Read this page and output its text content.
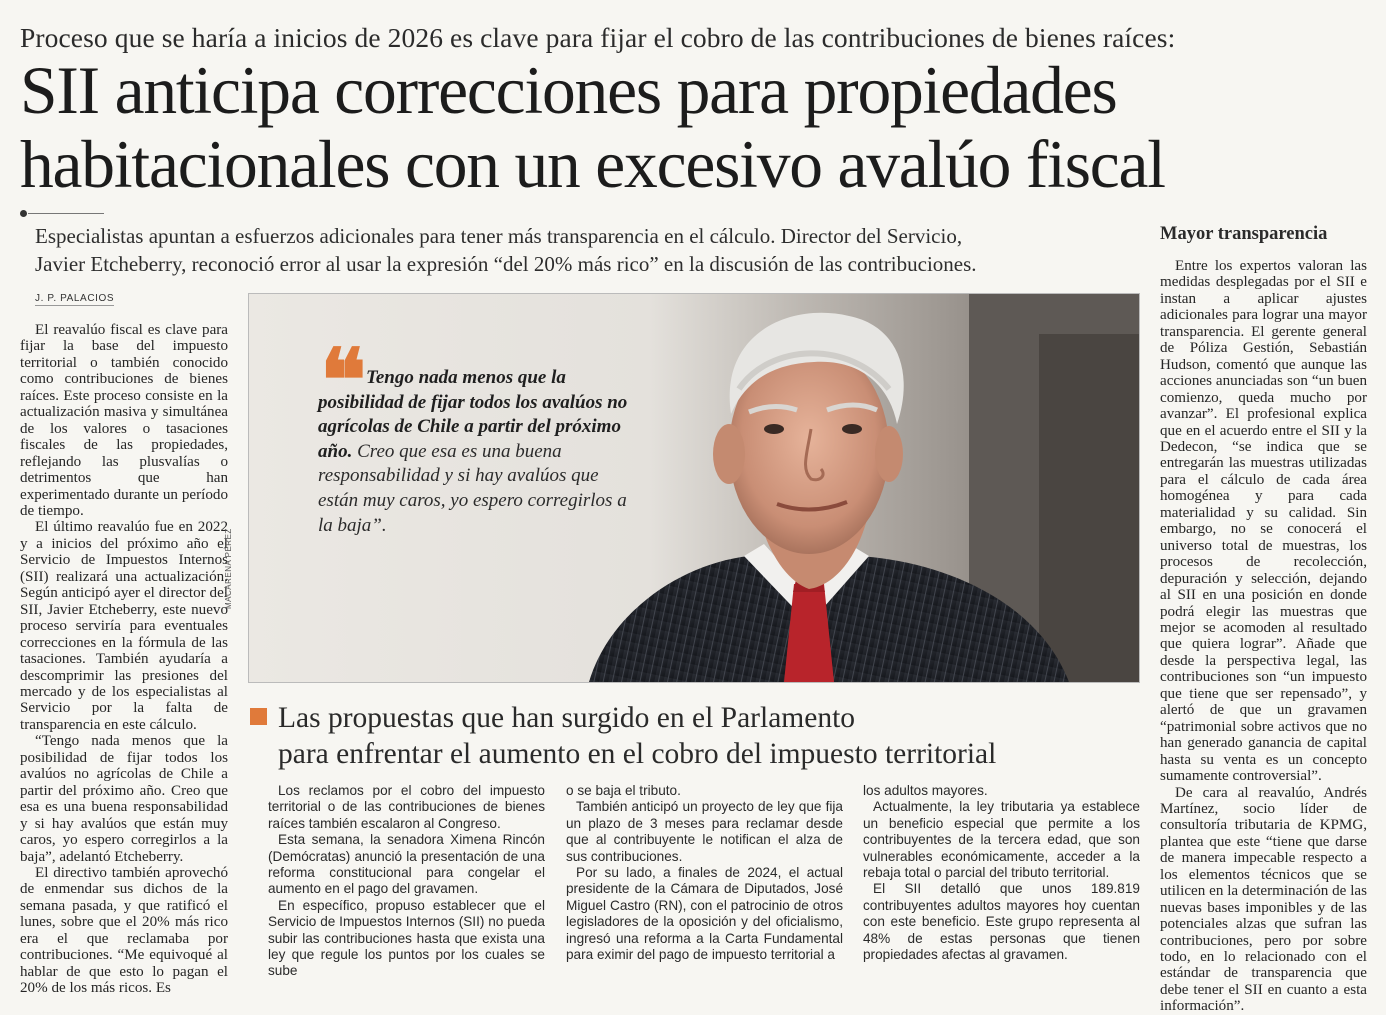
Proceso que se haría a inicios de 2026 es clave para fijar el cobro de las contribuciones de bienes raíces:
SII anticipa correcciones para propiedades
habitacionales con un excesivo avalúo fiscal
Especialistas apuntan a esfuerzos adicionales para tener más transparencia en el cálculo. Director del Servicio,
Javier Etcheberry, reconoció error al usar la expresión “del 20% más rico” en la discusión de las contribuciones.
J. P. PALACIOS

El reavalúo fiscal es clave para fijar la base del impuesto territorial o también conocido como contribuciones de bienes raíces. Este proceso consiste en la actualización masiva y simultánea de los valores o tasaciones fiscales de las propiedades, reflejando las plusvalías o detrimentos que han experimentado durante un período de tiempo.

El último reavalúo fue en 2022 y a inicios del próximo año el Servicio de Impuestos Internos (SII) realizará una actualización. Según anticipó ayer el director del SII, Javier Etcheberry, este nuevo proceso serviría para eventuales correcciones en la fórmula de las tasaciones. También ayudaría a descomprimir las presiones del mercado y de los especialistas al Servicio por la falta de transparencia en este cálculo.

“Tengo nada menos que la posibilidad de fijar todos los avalúos no agrícolas de Chile a partir del próximo año. Creo que esa es una buena responsabilidad y si hay avalúos que están muy caros, yo espero corregirlos a la baja”, adelantó Etcheberry.

El directivo también aprovechó de enmendar sus dichos de la semana pasada, y que ratificó el lunes, sobre que el 20% más rico era el que reclamaba por contribuciones. “Me equivoqué al hablar de que esto lo pagan el 20% de los más ricos. Es

MACARENA PÉREZ
❝ Tengo nada menos que la posibilidad de fijar todos los avalúos no agrícolas de Chile a partir del próximo año. Creo que esa es una buena responsabilidad y si hay avalúos que están muy caros, yo espero corregirlos a la baja”.
Mayor transparencia

Entre los expertos valoran las medidas desplegadas por el SII e instan a aplicar ajustes adicionales para lograr una mayor transparencia. El gerente general de Póliza Gestión, Sebastián Hudson, comentó que aunque las acciones anunciadas son “un buen comienzo, queda mucho por avanzar”. El profesional explica que en el acuerdo entre el SII y la Dedecon, “se indica que se entregarán las muestras utilizadas para el cálculo de cada área homogénea y para cada materialidad y su calidad. Sin embargo, no se conocerá el universo total de muestras, los procesos de recolección, depuración y selección, dejando al SII en una posición en donde podrá elegir las muestras que mejor se acomoden al resultado que quiera lograr”. Añade que desde la perspectiva legal, las contribuciones son “un impuesto que tiene que ser repensado”, y alertó de que un gravamen “patrimonial sobre activos que no han generado ganancia de capital hasta su venta es un concepto sumamente controversial”.

De cara al reavalúo, Andrés Martínez, socio líder de consultoría tributaria de KPMG, plantea que este “tiene que darse de manera impecable respecto a los elementos técnicos que se utilicen en la determinación de las nuevas bases imponibles y de las potenciales alzas que sufran las contribuciones, pero por sobre todo, en lo relacionado con el estándar de transparencia que debe tener el SII en cuanto a esta información”.

Las propuestas que han surgido en el Parlamento
para enfrentar el aumento en el cobro del impuesto territorial

Los reclamos por el cobro del impuesto territorial o de las contribuciones de bienes raíces también escalaron al Congreso.

Esta semana, la senadora Ximena Rincón (Demócratas) anunció la presentación de una reforma constitucional para congelar el aumento en el pago del gravamen.

En específico, propuso establecer que el Servicio de Impuestos Internos (SII) no pueda subir las contribuciones hasta que exista una ley que regule los puntos por los cuales se sube

o se baja el tributo.

También anticipó un proyecto de ley que fija un plazo de 3 meses para reclamar desde que al contribuyente le notifican el alza de sus contribuciones.

Por su lado, a finales de 2024, el actual presidente de la Cámara de Diputados, José Miguel Castro (RN), con el patrocinio de otros legisladores de la oposición y del oficialismo, ingresó una reforma a la Carta Fundamental para eximir del pago de impuesto territorial a

los adultos mayores.

Actualmente, la ley tributaria ya establece un beneficio especial que permite a los contribuyentes de la tercera edad, que son vulnerables económicamente, acceder a la rebaja total o parcial del tributo territorial.

El SII detalló que unos 189.819 contribuyentes adultos mayores hoy cuentan con este beneficio. Este grupo representa al 48% de estas personas que tienen propiedades afectas al gravamen.
